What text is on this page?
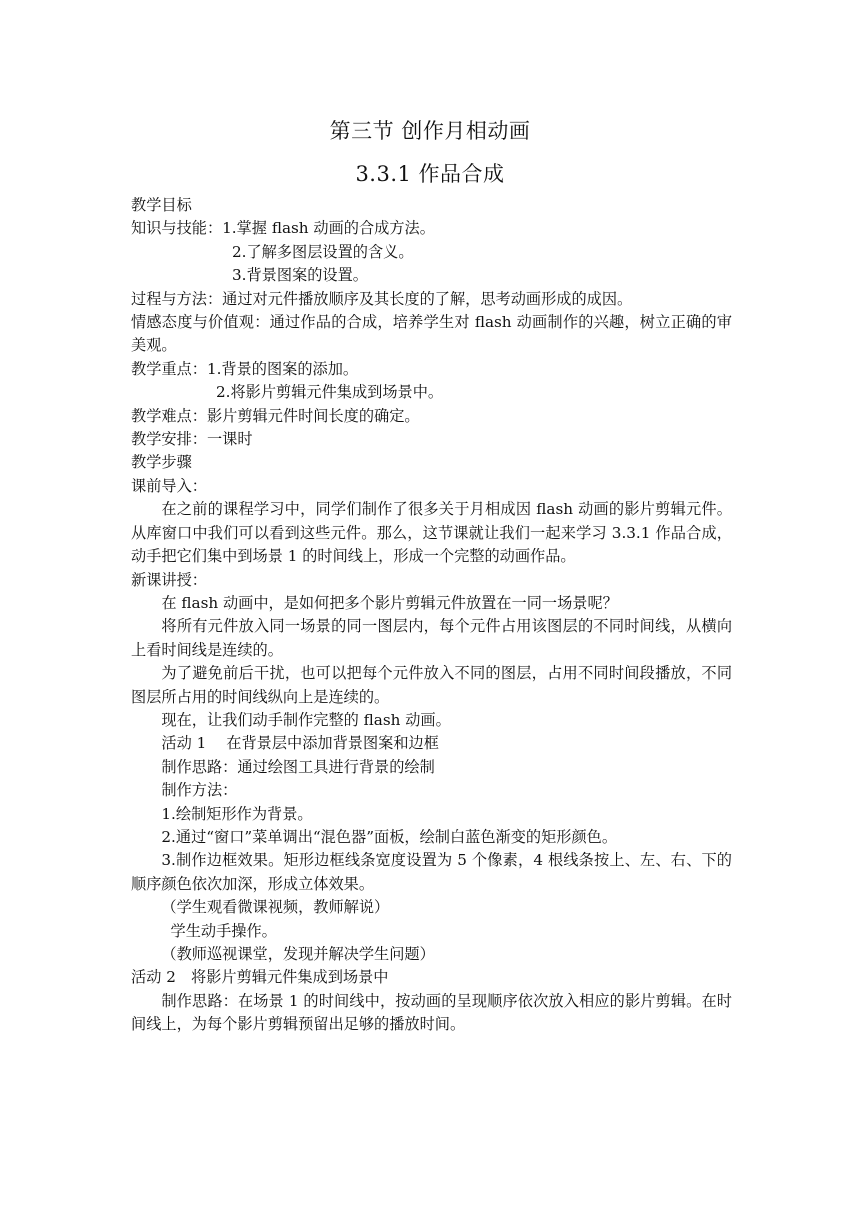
第三节 创作月相动画
3.3.1 作品合成

教学目标

知识与技能：1.掌握 flash 动画的合成方法。

2.了解多图层设置的含义。

3.背景图案的设置。

过程与方法：通过对元件播放顺序及其长度的了解，思考动画形成的成因。

情感态度与价值观：通过作品的合成，培养学生对 flash 动画制作的兴趣，树立正确的审美观。

教学重点：1.背景的图案的添加。

2.将影片剪辑元件集成到场景中。

教学难点：影片剪辑元件时间长度的确定。

教学安排：一课时

教学步骤

课前导入：

在之前的课程学习中，同学们制作了很多关于月相成因 flash 动画的影片剪辑元件。从库窗口中我们可以看到这些元件。那么，这节课就让我们一起来学习 3.3.1 作品合成，动手把它们集中到场景 1 的时间线上，形成一个完整的动画作品。

新课讲授：

在 flash 动画中，是如何把多个影片剪辑元件放置在一同一场景呢？

将所有元件放入同一场景的同一图层内，每个元件占用该图层的不同时间线，从横向上看时间线是连续的。

为了避免前后干扰，也可以把每个元件放入不同的图层，占用不同时间段播放，不同图层所占用的时间线纵向上是连续的。

现在，让我们动手制作完整的 flash 动画。

活动 1　 在背景层中添加背景图案和边框

制作思路：通过绘图工具进行背景的绘制

制作方法：

1.绘制矩形作为背景。

2.通过“窗口”菜单调出“混色器”面板，绘制白蓝色渐变的矩形颜色。

3.制作边框效果。矩形边框线条宽度设置为 5 个像素，4 根线条按上、左、右、下的顺序颜色依次加深，形成立体效果。

（学生观看微课视频，教师解说）

学生动手操作。

（教师巡视课堂，发现并解决学生问题）

活动 2　将影片剪辑元件集成到场景中

制作思路：在场景 1 的时间线中，按动画的呈现顺序依次放入相应的影片剪辑。在时间线上，为每个影片剪辑预留出足够的播放时间。
